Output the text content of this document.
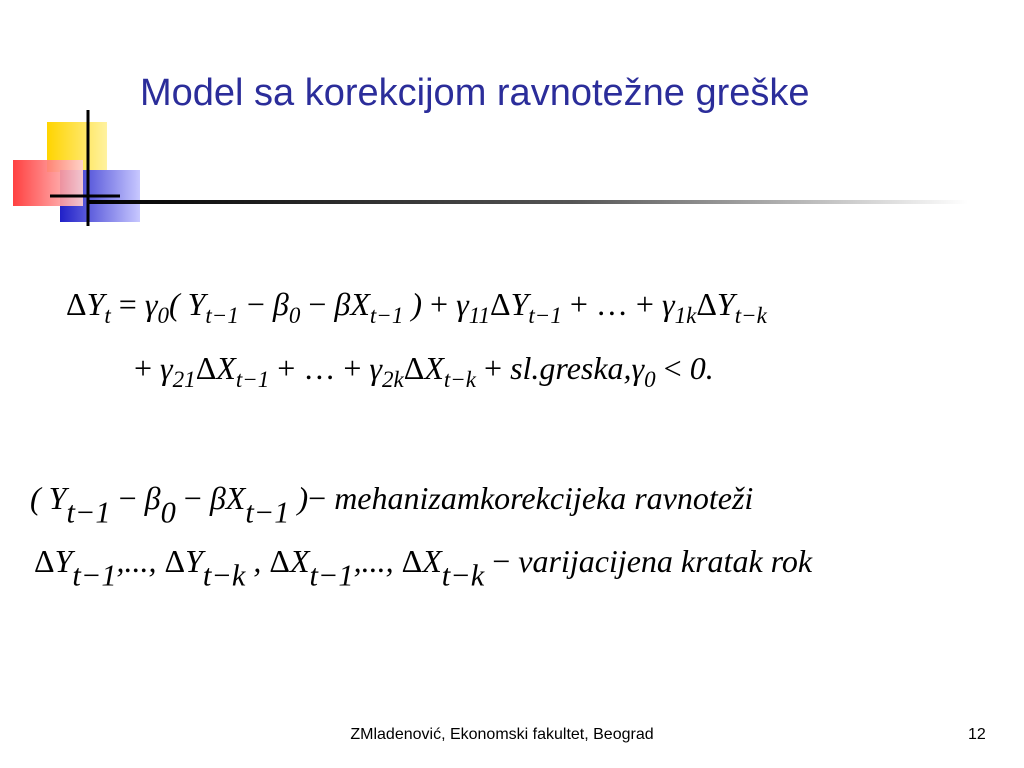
Model sa korekcijom ravnotežne greške
$\Delta Y_t = \gamma_0$( $Y_{t-1} - \beta_0 - \beta X_{t-1}$ ) + $\gamma_{11}\Delta Y_{t-1}$ + … + $\gamma_{1k}\Delta Y_{t-k}$
+ $\gamma_{21}\Delta X_{t-1}$ + … + $\gamma_{2k}\Delta X_{t-k}$ + $sl.greska,\gamma_0 < 0$.
( $Y_{t-1} - \beta_0 - \beta X_{t-1}$ )− mehanizamkorekcijeka ravnoteži
$\Delta Y_{t-1}$,..., $\Delta Y_{t-k}$ , $\Delta X_{t-1}$,..., $\Delta X_{t-k}$ − varijacijena kratak rok
ZMladenović, Ekonomski fakultet, Beograd	12
